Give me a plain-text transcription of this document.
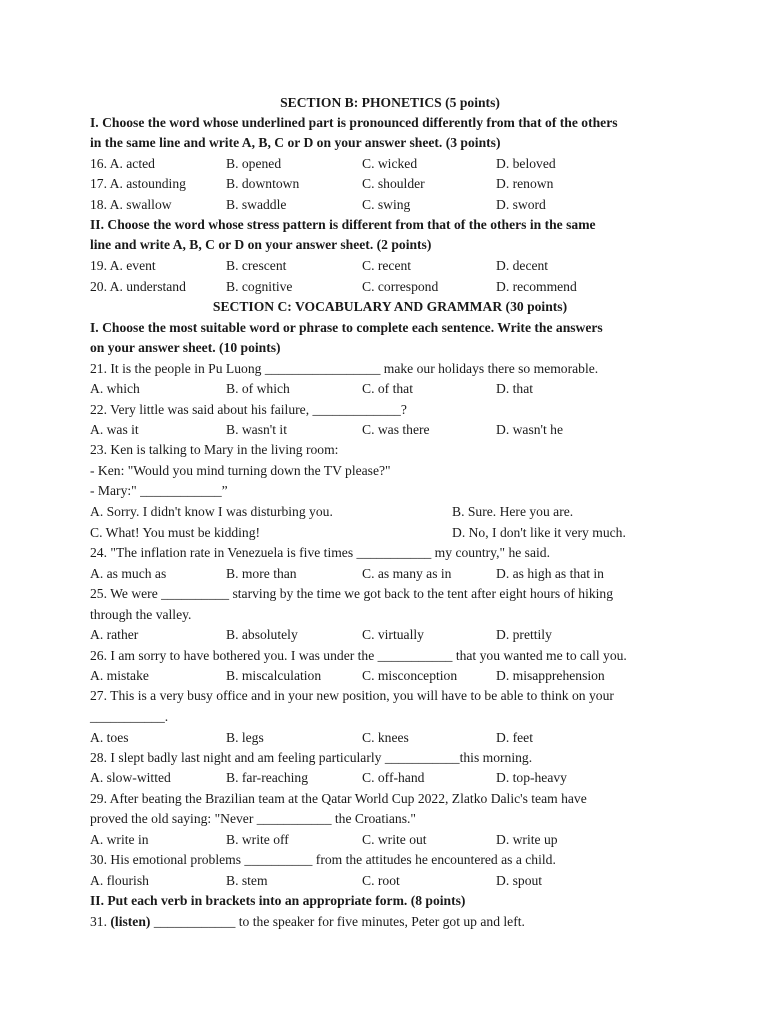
SECTION B: PHONETICS (5 points)
I. Choose the word whose underlined part is pronounced differently from that of the others
in the same line and write A, B, C or D on your answer sheet. (3 points)
16. A. acted	B. opened	C. wicked	D. beloved
17. A. astounding	B. downtown	C. shoulder	D. renown
18. A. swallow	B. swaddle	C. swing	D. sword
II. Choose the word whose stress pattern is different from that of the others in the same
line and write A, B, C or D on your answer sheet. (2 points)
19. A. event	B. crescent	C. recent	D. decent
20. A. understand	B. cognitive	C. correspond	D. recommend
SECTION C: VOCABULARY AND GRAMMAR (30 points)
I. Choose the most suitable word or phrase to complete each sentence. Write the answers
on your answer sheet. (10 points)
21. It is the people in Pu Luong _________________ make our holidays there so memorable.
A. which	B. of which	C. of that	D. that
22. Very little was said about his failure, _____________?
A. was it	B. wasn't it	C. was there	D. wasn't he
23. Ken is talking to Mary in the living room:
- Ken: "Would you mind turning down the TV please?"
- Mary:" ____________”
A. Sorry. I didn't know I was disturbing you.	B. Sure. Here you are.
C. What! You must be kidding!	D. No, I don't like it very much.
24. "The inflation rate in Venezuela is five times ___________ my country," he said.
A. as much as	B. more than	C. as many as in	D. as high as that in
25. We were __________ starving by the time we got back to the tent after eight hours of hiking
through the valley.
A. rather	B. absolutely	C. virtually	D. prettily
26. I am sorry to have bothered you. I was under the ___________ that you wanted me to call you.
A. mistake	B. miscalculation	C. misconception	D. misapprehension
27. This is a very busy office and in your new position, you will have to be able to think on your
___________.
A. toes	B. legs	C. knees	D. feet
28. I slept badly last night and am feeling particularly ___________this morning.
A. slow-witted	B. far-reaching	C. off-hand	D. top-heavy
29. After beating the Brazilian team at the Qatar World Cup 2022, Zlatko Dalic's team have
proved the old saying: "Never ___________ the Croatians."
A. write in	B. write off	C. write out	D. write up
30. His emotional problems __________ from the attitudes he encountered as a child.
A. flourish	B. stem	C. root	D. spout
II. Put each verb in brackets into an appropriate form. (8 points)
31. (listen) ____________ to the speaker for five minutes, Peter got up and left.
